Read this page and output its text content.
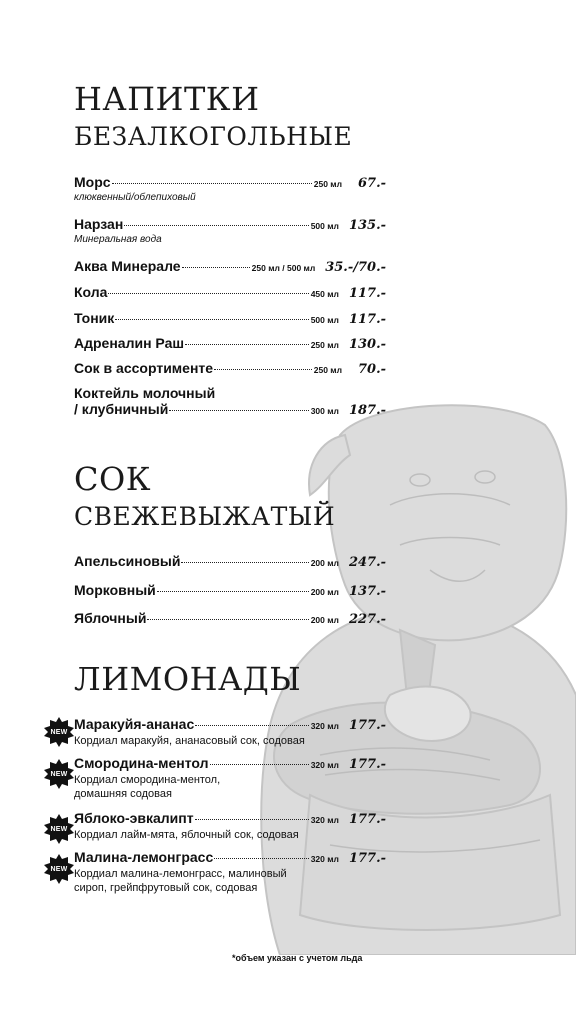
НАПИТКИ
БЕЗАЛКОГОЛЬНЫЕ
Морс	250 мл	67.-
клюквенный/облепиховый
Нарзан	500 мл 135.-
Минеральная вода
Аква Минерале	250 мл / 500 мл 35.-/70.-
Кола	450 мл 117.-
Тоник	500 мл 117.-
Адреналин Раш	250 мл 130.-
Сок в ассортименте	250 мл	70.-
Коктейль молочный
/ клубничный	300 мл 187.-
СОК
СВЕЖЕВЫЖАТЫЙ
Апельсиновый	200 мл 247.-
Морковный	200 мл 137.-
Яблочный	200 мл 227.-
ЛИМОНАДЫ
NEW Маракуйя-ананас	320 мл 177.-
Кордиал маракуйя, ананасовый сок, содовая
NEW
Смородина-ментол	320 мл 177.-
Кордиал смородина-ментол, домашняя содовая
NEW
Яблоко-эвкалипт	320 мл 177.-
Кордиал лайм-мята, яблочный сок, содовая
NEW
Малина-лемонграсс	320 мл 177.-
Кордиал малина-лемонграсс, малиновый сироп, грейпфрутовый сок, содовая
*объем указан с учетом льда
